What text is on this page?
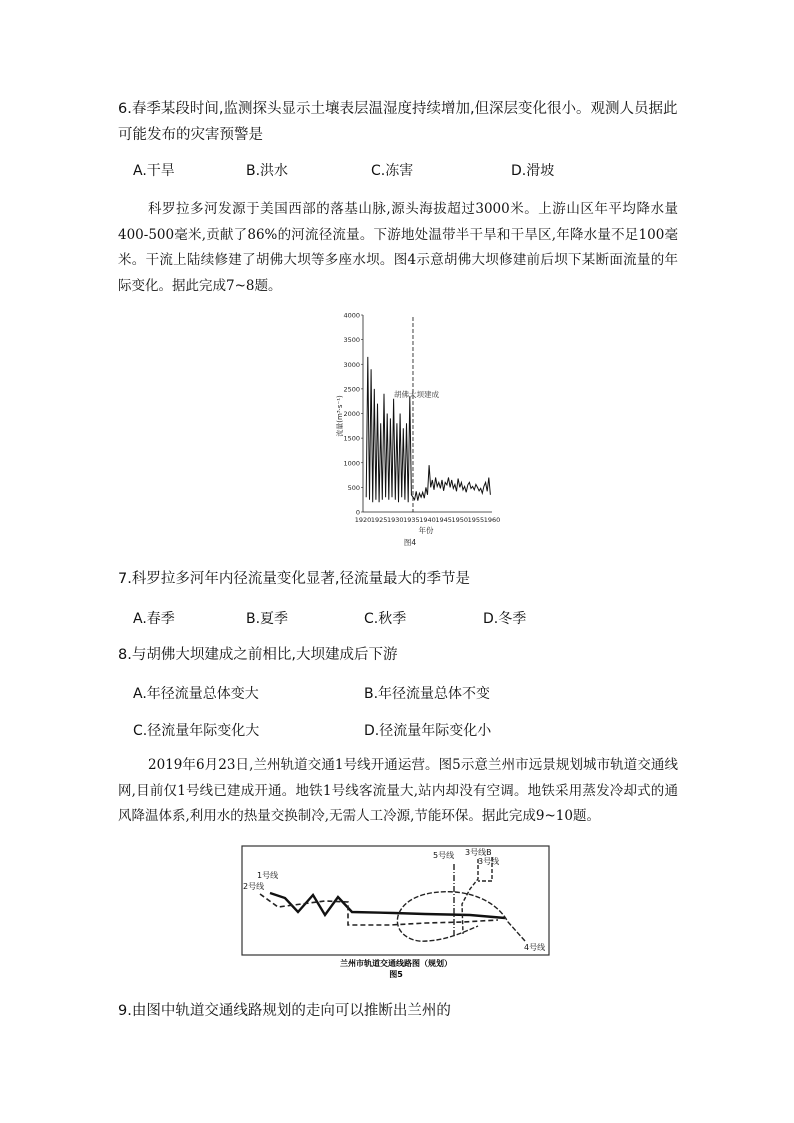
6.春季某段时间,监测探头显示土壤表层温湿度持续增加,但深层变化很小。观测人员据此可能发布的灾害预警是

A.干旱	B.洪水	C.冻害	D.滑坡

科罗拉多河发源于美国西部的落基山脉,源头海拔超过3000米。上游山区年平均降水量400-500毫米,贡献了86%的河流径流量。下游地处温带半干旱和干旱区,年降水量不足100毫米。干流上陆续修建了胡佛大坝等多座水坝。图4示意胡佛大坝修建前后坝下某断面流量的年际变化。据此完成7~8题。

0
500
1000
1500
2000
2500
3000
3500
4000
1920 1925 1930 1935 1940 1945 1950 1955 1960
胡佛大坝建成
流量(m³·s⁻¹)
年份
图4

7.科罗拉多河年内径流量变化显著,径流量最大的季节是

A.春季	B.夏季	C.秋季	D.冬季

8.与胡佛大坝建成之前相比,大坝建成后下游

A.年径流量总体变大	B.年径流量总体不变
C.径流量年际变化大	D.径流量年际变化小

2019年6月23日,兰州轨道交通1号线开通运营。图5示意兰州市远景规划城市轨道交通线网,目前仅1号线已建成开通。地铁1号线客流量大,站内却没有空调。地铁采用蒸发冷却式的通风降温体系,利用水的热量交换制冷,无需人工冷源,节能环保。据此完成9~10题。

1号线
2号线
5号线 3号线B
3号线
4号线
兰州市轨道交通线路图（规划）
图5

9.由图中轨道交通线路规划的走向可以推断出兰州的
